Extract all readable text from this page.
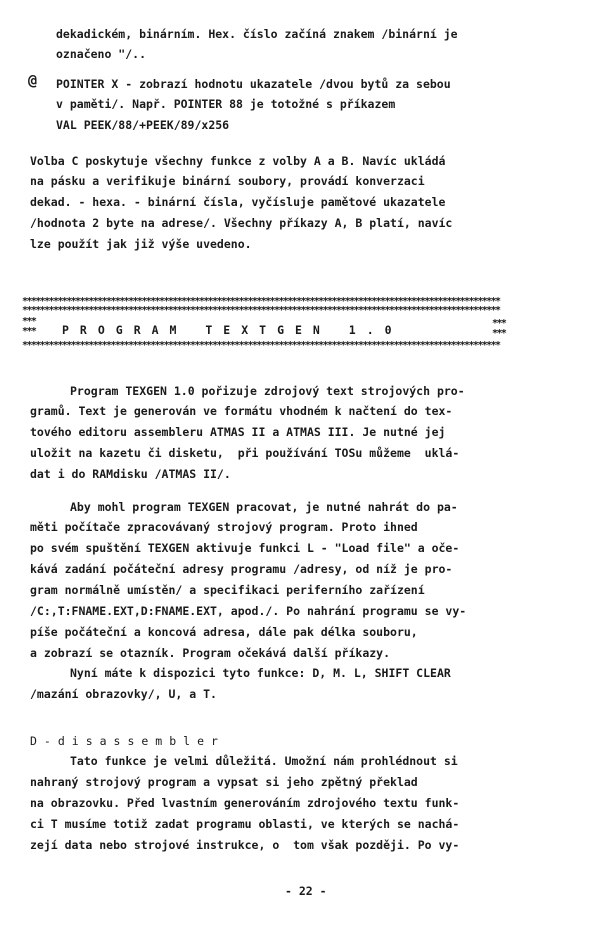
dekadickém, binárním. Hex. číslo začíná znakem /binární je
označeno "/..
@ POINTER X - zobrazí hodnotu ukazatele /dvou bytů za sebou
v paměti/. Např. POINTER 88 je totožné s příkazem
VAL PEEK/88/+PEEK/89/x256
Volba C poskytuje všechny funkce z volby A a B. Navíc ukládá
na pásku a verifikuje binární soubory, provádí konverzaci
dekad. - hexa. - binární čísla, vyčísluje pamětové ukazatele
/hodnota 2 byte na adrese/. Všechny příkazy A, B platí, navíc
lze použít jak již výše uvedeno.
************************************************************************************************************
************************************************************************************************************
***	***
***	***
PROGRAM TEXTGEN 1.0
************************************************************************************************************
Program TEXGEN 1.0 pořizuje zdrojový text strojových pro-
gramů. Text je generován ve formátu vhodném k načtení do tex-
tového editoru assembleru ATMAS II a ATMAS III. Je nutné jej
uložit na kazetu či disketu,  při používání TOSu můžeme  uklá-
dat i do RAMdisku /ATMAS II/.
Aby mohl program TEXGEN pracovat, je nutné nahrát do pa-
měti počítače zpracovávaný strojový program. Proto ihned
po svém spuštění TEXGEN aktivuje funkci L - "Load file" a oče-
kává zadání počáteční adresy programu /adresy, od níž je pro-
gram normálně umístěn/ a specifikaci periferního zařízení
/C:,T:FNAME.EXT,D:FNAME.EXT, apod./. Po nahrání programu se vy-
píše počáteční a koncová adresa, dále pak délka souboru,
a zobrazí se otazník. Program očekává další příkazy.
Nyní máte k dispozici tyto funkce: D, M. L, SHIFT CLEAR
/mazání obrazovky/, U, a T.
D-disassembler
Tato funkce je velmi důležitá. Umožní nám prohlédnout si
nahraný strojový program a vypsat si jeho zpětný překlad
na obrazovku. Před lvastním generováním zdrojového textu funk-
ci T musíme totiž zadat programu oblasti, ve kterých se nachá-
zejí data nebo strojové instrukce, o  tom však později. Po vy-
- 22 -
